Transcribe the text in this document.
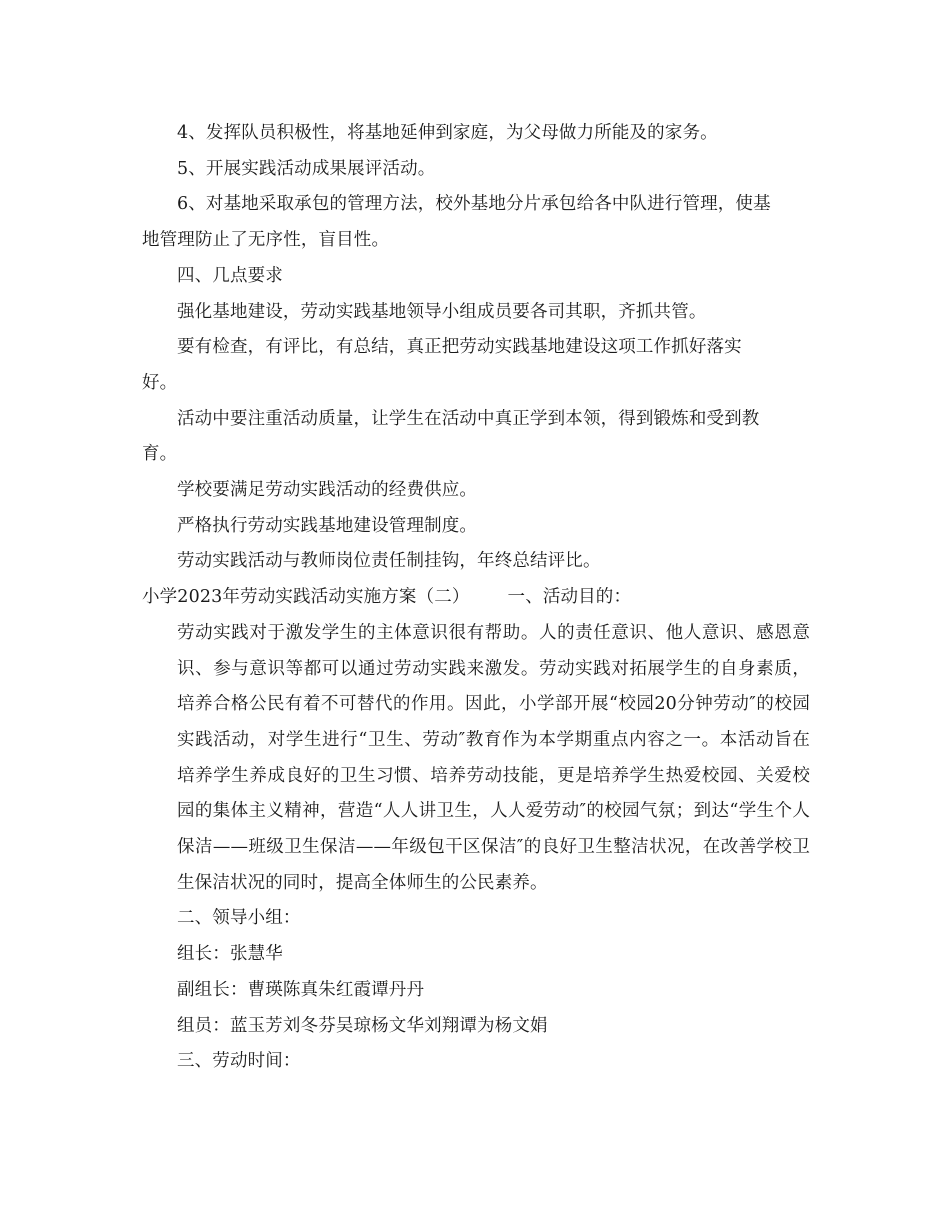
4、发挥队员积极性，将基地延伸到家庭，为父母做力所能及的家务。

5、开展实践活动成果展评活动。

6、对基地采取承包的管理方法，校外基地分片承包给各中队进行管理，使基

地管理防止了无序性，盲目性。

四、几点要求

强化基地建设，劳动实践基地领导小组成员要各司其职，齐抓共管。

要有检查，有评比，有总结，真正把劳动实践基地建设这项工作抓好落实

好。

活动中要注重活动质量，让学生在活动中真正学到本领，得到锻炼和受到教

育。

学校要满足劳动实践活动的经费供应。

严格执行劳动实践基地建设管理制度。

劳动实践活动与教师岗位责任制挂钩，年终总结评比。

小学2023年劳动实践活动实施方案（二） 一、活动目的：

劳动实践对于激发学生的主体意识很有帮助。人的责任意识、他人意识、感恩意识、参与意识等都可以通过劳动实践来激发。劳动实践对拓展学生的自身素质，培养合格公民有着不可替代的作用。因此，小学部开展“校园20分钟劳动″的校园实践活动，对学生进行“卫生、劳动″教育作为本学期重点内容之一。本活动旨在培养学生养成良好的卫生习惯、培养劳动技能，更是培养学生热爱校园、关爱校园的集体主义精神，营造“人人讲卫生，人人爱劳动″的校园气氛；到达“学生个人保洁——班级卫生保洁——年级包干区保洁″的良好卫生整洁状况，在改善学校卫生保洁状况的同时，提高全体师生的公民素养。

二、领导小组：

组长：张慧华

副组长：曹瑛陈真朱红霞谭丹丹

组员：蓝玉芳刘冬芬吴琼杨文华刘翔谭为杨文娟

三、劳动时间：
